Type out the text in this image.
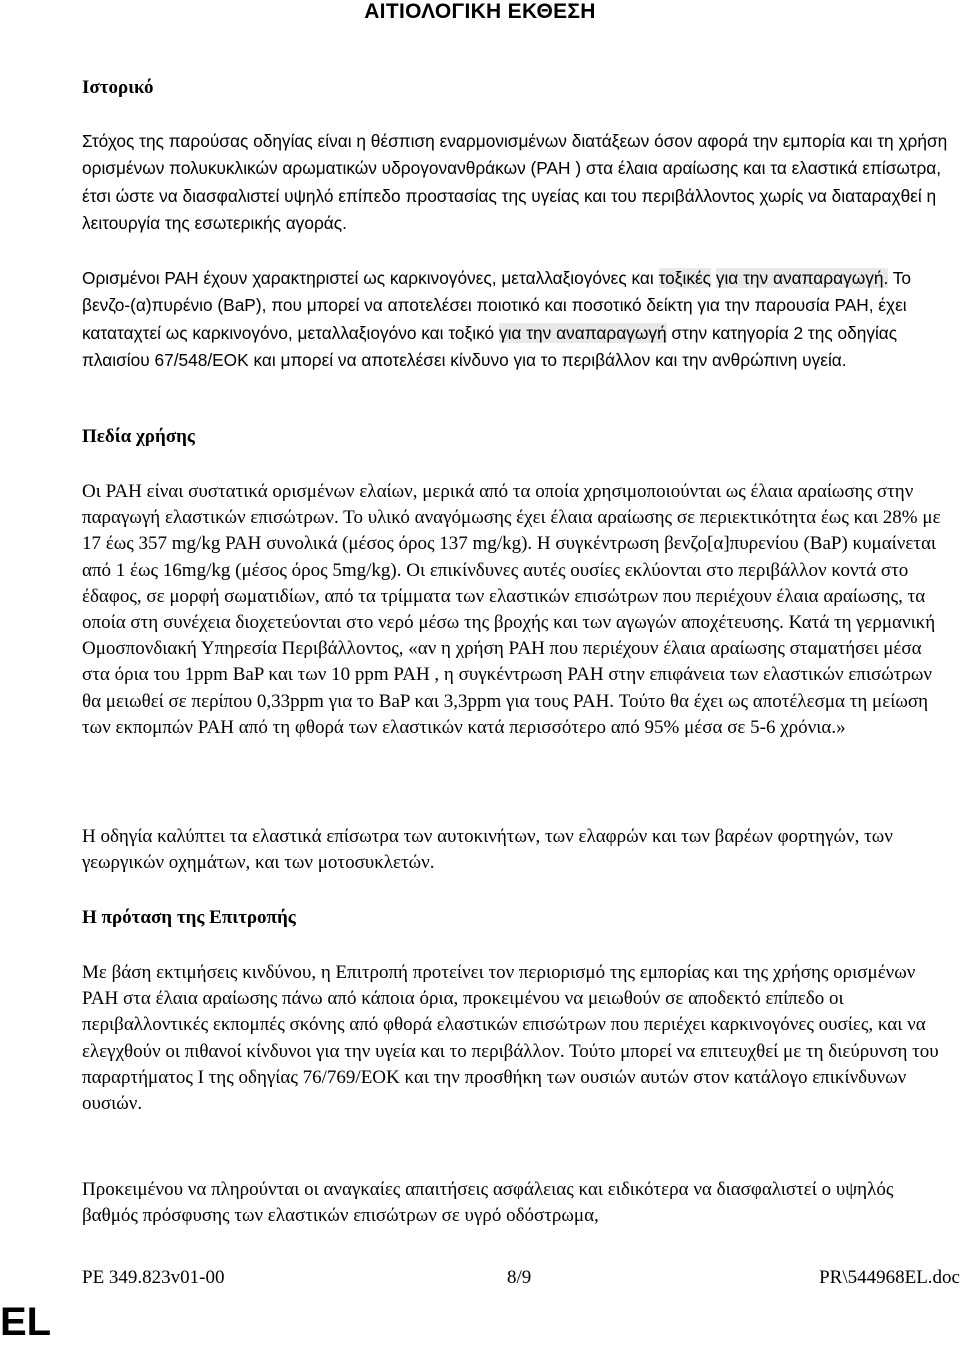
ΑΙΤΙΟΛΟΓΙΚΗ ΕΚΘΕΣΗ
Ιστορικό

Στόχος της παρούσας οδηγίας είναι η θέσπιση εναρμονισμένων διατάξεων όσον αφορά την εμπορία και τη χρήση ορισμένων πολυκυκλικών αρωματικών υδρογονανθράκων (PAH ) στα έλαια αραίωσης και τα ελαστικά επίσωτρα, έτσι ώστε να διασφαλιστεί υψηλό επίπεδο προστασίας της υγείας και του περιβάλλοντος χωρίς να διαταραχθεί η λειτουργία της εσωτερικής αγοράς.

Ορισμένοι PAH έχουν χαρακτηριστεί ως καρκινογόνες, μεταλλαξιογόνες και τοξικές για την αναπαραγωγή. Το βενζο-(α)πυρένιο (BaP), που μπορεί να αποτελέσει ποιοτικό και ποσοτικό δείκτη για την παρουσία PAH, έχει καταταχτεί ως καρκινογόνο, μεταλλαξιογόνο και τοξικό για την αναπαραγωγή στην κατηγορία 2 της οδηγίας πλαισίου 67/548/ΕΟΚ και μπορεί να αποτελέσει κίνδυνο για το περιβάλλον και την ανθρώπινη υγεία.

Πεδία χρήσης

Οι PAH είναι συστατικά ορισμένων ελαίων, μερικά από τα οποία χρησιμοποιούνται ως έλαια αραίωσης στην παραγωγή ελαστικών επισώτρων. Το υλικό αναγόμωσης έχει έλαια αραίωσης σε περιεκτικότητα έως και 28% με 17 έως 357 mg/kg PAH συνολικά (μέσος όρος 137 mg/kg). Η συγκέντρωση βενζο[α]πυρενίου (BaP) κυμαίνεται από 1 έως 16mg/kg (μέσος όρος 5mg/kg). Οι επικίνδυνες αυτές ουσίες εκλύονται στο περιβάλλον κοντά στο έδαφος, σε μορφή σωματιδίων, από τα τρίμματα των ελαστικών επισώτρων που περιέχουν έλαια αραίωσης, τα οποία στη συνέχεια διοχετεύονται στο νερό μέσω της βροχής και των αγωγών αποχέτευσης. Κατά τη γερμανική Ομοσπονδιακή Υπηρεσία Περιβάλλοντος, «αν η χρήση PAH που περιέχουν έλαια αραίωσης σταματήσει μέσα στα όρια του 1ppm BaP και των 10 ppm PAH , η συγκέντρωση PAH στην επιφάνεια των ελαστικών επισώτρων θα μειωθεί σε περίπου 0,33ppm για το BaP και 3,3ppm για τους PAH. Τούτο θα έχει ως αποτέλεσμα τη μείωση των εκπομπών PAH από τη φθορά των ελαστικών κατά περισσότερο από 95% μέσα σε 5-6 χρόνια.»

Η οδηγία καλύπτει τα ελαστικά επίσωτρα των αυτοκινήτων, των ελαφρών και των βαρέων φορτηγών, των γεωργικών οχημάτων, και των μοτοσυκλετών.

Η πρόταση της Επιτροπής

Με βάση εκτιμήσεις κινδύνου, η Επιτροπή προτείνει τον περιορισμό της εμπορίας και της χρήσης ορισμένων PAH στα έλαια αραίωσης πάνω από κάποια όρια, προκειμένου να μειωθούν σε αποδεκτό επίπεδο οι περιβαλλοντικές εκπομπές σκόνης από φθορά ελαστικών επισώτρων που περιέχει καρκινογόνες ουσίες, και να ελεγχθούν οι πιθανοί κίνδυνοι για την υγεία και το περιβάλλον. Τούτο μπορεί να επιτευχθεί με τη διεύρυνση του παραρτήματος I της οδηγίας 76/769/ΕΟΚ και την προσθήκη των ουσιών αυτών στον κατάλογο επικίνδυνων ουσιών.

Προκειμένου να πληρούνται οι αναγκαίες απαιτήσεις ασφάλειας και ειδικότερα να διασφαλιστεί ο υψηλός βαθμός πρόσφυσης των ελαστικών επισώτρων σε υγρό οδόστρωμα,

PE 349.823v01-00	8/9	PR\544968EL.doc
EL
